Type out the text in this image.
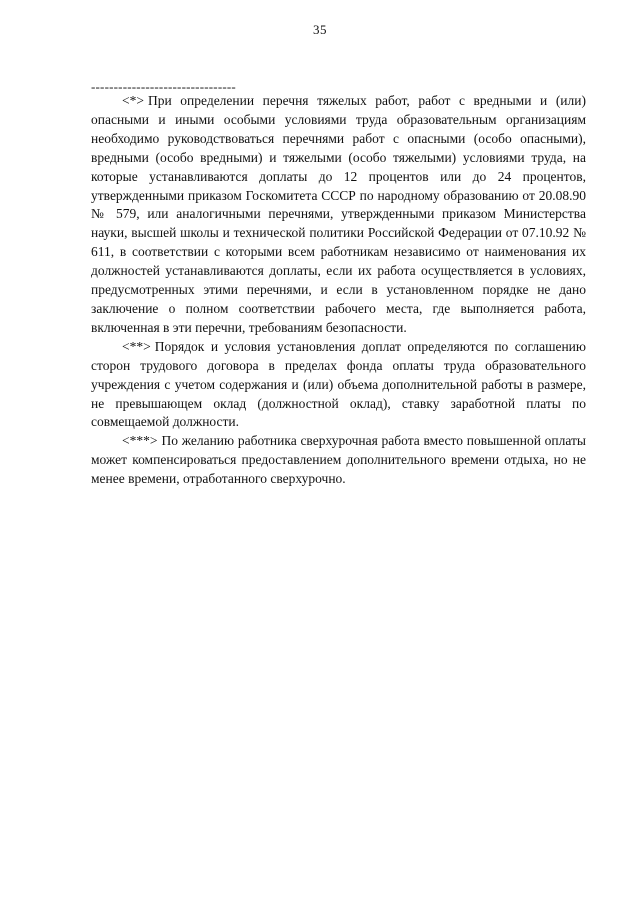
35
--------------------------------

<*> При определении перечня тяжелых работ, работ с вредными и (или) опасными и иными особыми условиями труда образовательным организациям необходимо руководствоваться перечнями работ с опасными (особо опасными), вредными (особо вредными) и тяжелыми (особо тяжелыми) условиями труда, на которые устанавливаются доплаты до 12 процентов или до 24 процентов, утвержденными приказом Госкомитета СССР по народному образованию от 20.08.90 № 579, или аналогичными перечнями, утвержденными приказом Министерства науки, высшей школы и технической политики Российской Федерации от 07.10.92 № 611, в соответствии с которыми всем работникам независимо от наименования их должностей устанавливаются доплаты, если их работа осуществляется в условиях, предусмотренных этими перечнями, и если в установленном порядке не дано заключение о полном соответствии рабочего места, где выполняется работа, включенная в эти перечни, требованиям безопасности.

<**> Порядок и условия установления доплат определяются по соглашению сторон трудового договора в пределах фонда оплаты труда образовательного учреждения с учетом содержания и (или) объема дополнительной работы в размере, не превышающем оклад (должностной оклад), ставку заработной платы по совмещаемой должности.

<***> По желанию работника сверхурочная работа вместо повышенной оплаты может компенсироваться предоставлением дополнительного времени отдыха, но не менее времени, отработанного сверхурочно.
